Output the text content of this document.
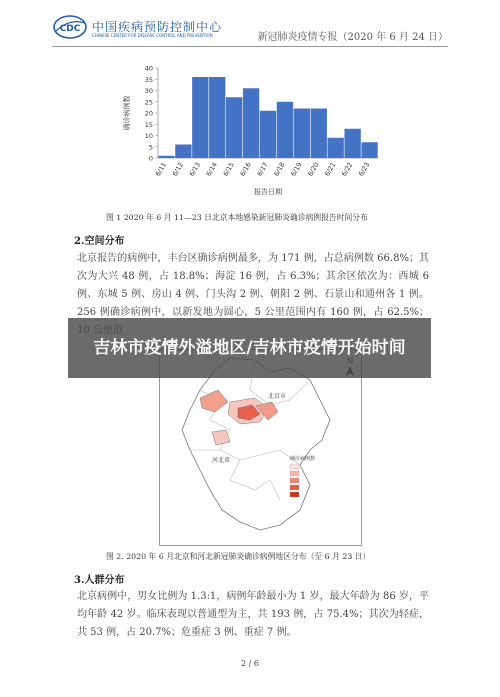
CDC 中国疾病预防控制中心
CHINESE CENTER FOR DISEASE CONTROL AND PREVENTION	新冠肺炎疫情专报（2020 年 6 月 24 日）
0
5
10
15
20
25
30
35
40
6/11 6/12 6/13 6/14 6/15 6/16 6/17 6/18 6/19 6/20 6/21 6/22 6/23
报告日期
确诊病例数
图 1 2020 年 6 月 11—23 日北京本地感染新冠肺炎确诊病例报告时间分布
2.空间分布
北京报告的病例中，丰台区确诊病例最多，为 171 例，占总病例数 66.8%；其次为大兴 48 例，占 18.8%；海淀 16 例，占 6.3%；其余区依次为：西城 6 例、东城 5 例、房山 4 例、门头沟 2 例、朝阳 2 例、石景山和通州各 1 例。256 例确诊病例中，以新发地为圆心，5 公里范围内有 160 例，占 62.5%；
北京市
河北省	确诊病例数
图 2. 2020 年 6 月北京和河北新冠肺炎确诊病例地区分布（至 6 月 23 日）
吉林市疫情外溢地区/吉林市疫情开始时间
3.人群分布
北京病例中，男女比例为 1.3:1，病例年龄最小为 1 岁，最大年龄为 86 岁，平均年龄 42 岁。临床表现以普通型为主，共 193 例，占 75.4%；其次为轻症，共 53 例，占 20.7%；危重症 3 例、重症 7 例。
2 / 6
